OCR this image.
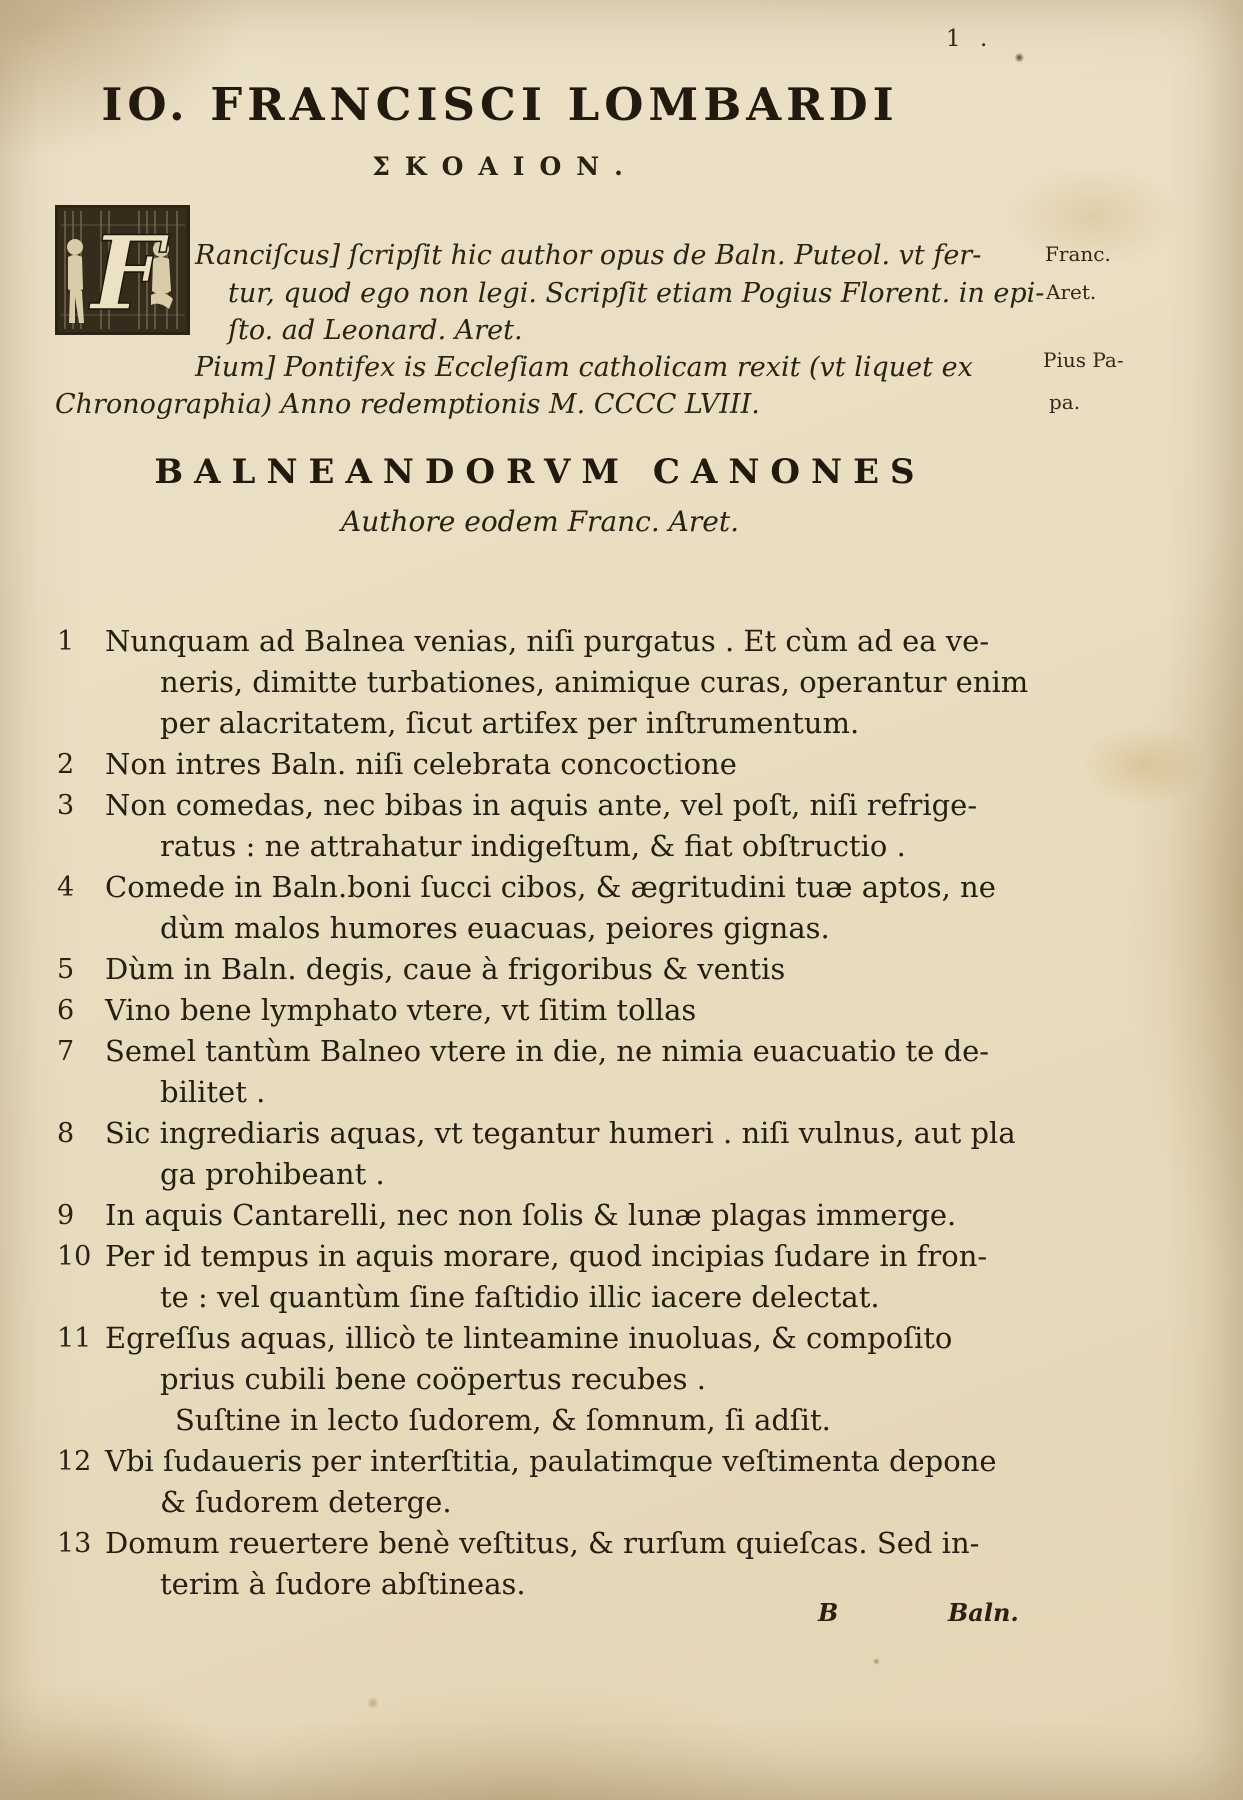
1 .
IO. FRANCISCI LOMBARDI
ΣΚΟΑΙΟΝ.
F Ranciſcus] ſcripſit hic author opus de Baln. Puteol. vt fer-
tur, quod ego non legi. Scripſit etiam Pogius Florent. in epi-
ſto. ad Leonard. Aret.
Pium] Pontifex is Eccleſiam catholicam rexit (vt liquet ex
Chronographia) Anno redemptionis M. CCCC LVIII.
Franc.
Aret.
Pius Pa-
pa.
BALNEANDORVM CANONES
Authore eodem Franc. Aret.
1	Nunquam ad Balnea venias, niſi purgatus . Et cùm ad ea ve-
neris, dimitte turbationes, animique curas, operantur enim
per alacritatem, ſicut artifex per inſtrumentum.
2	Non intres Baln. niſi celebrata concoctione
3	Non comedas, nec bibas in aquis ante, vel poſt, niſi refrige-
ratus : ne attrahatur indigeſtum, & fiat obſtructio .
4	Comede in Baln.boni ſucci cibos, & ægritudini tuæ aptos, ne
dùm malos humores euacuas, peiores gignas.
5	Dùm in Baln. degis, caue à frigoribus & ventis
6	Vino bene lymphato vtere, vt ſitim tollas
7	Semel tantùm Balneo vtere in die, ne nimia euacuatio te de-
bilitet .
8	Sic ingrediaris aquas, vt tegantur humeri . niſi vulnus, aut pla
ga prohibeant .
9	In aquis Cantarelli, nec non ſolis & lunæ plagas immerge.
10 Per id tempus in aquis morare, quod incipias ſudare in fron-
te : vel quantùm ſine faſtidio illic iacere delectat.
11 Egreſſus aquas, illicò te linteamine inuoluas, & compoſito
prius cubili bene coöpertus recubes .
Suſtine in lecto ſudorem, & ſomnum, ſi adſit.
12 Vbi ſudaueris per interſtitia, paulatimque veſtimenta depone
& ſudorem deterge.
13 Domum reuertere benè veſtitus, & rurſum quieſcas. Sed in-
terim à ſudore abſtineas.
B	Baln.
